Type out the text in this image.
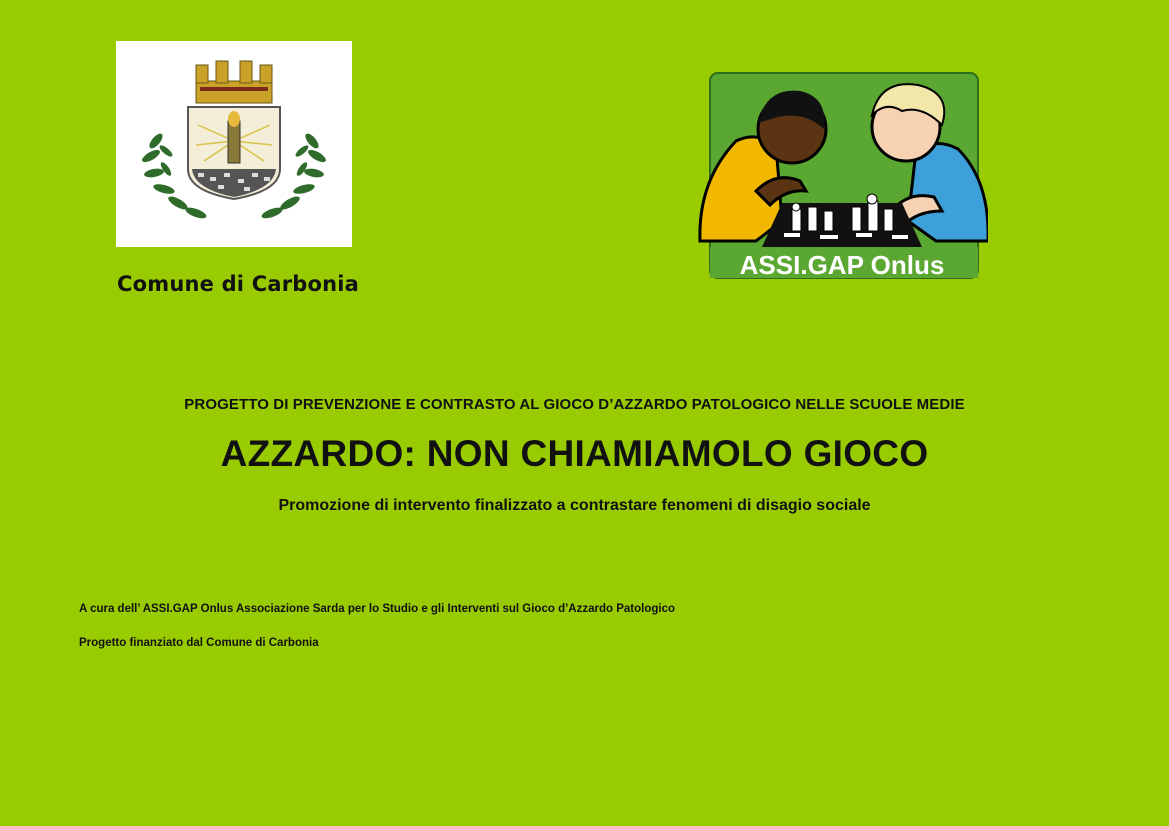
Comune di Carbonia
ASSI.GAP Onlus
PROGETTO DI PREVENZIONE E CONTRASTO AL GIOCO D’AZZARDO PATOLOGICO NELLE SCUOLE MEDIE
AZZARDO: NON CHIAMIAMOLO GIOCO
Promozione di intervento finalizzato a contrastare fenomeni di disagio sociale
A cura dell’ ASSI.GAP Onlus Associazione Sarda per lo Studio e gli Interventi sul Gioco d’Azzardo Patologico
Progetto finanziato dal Comune di Carbonia
